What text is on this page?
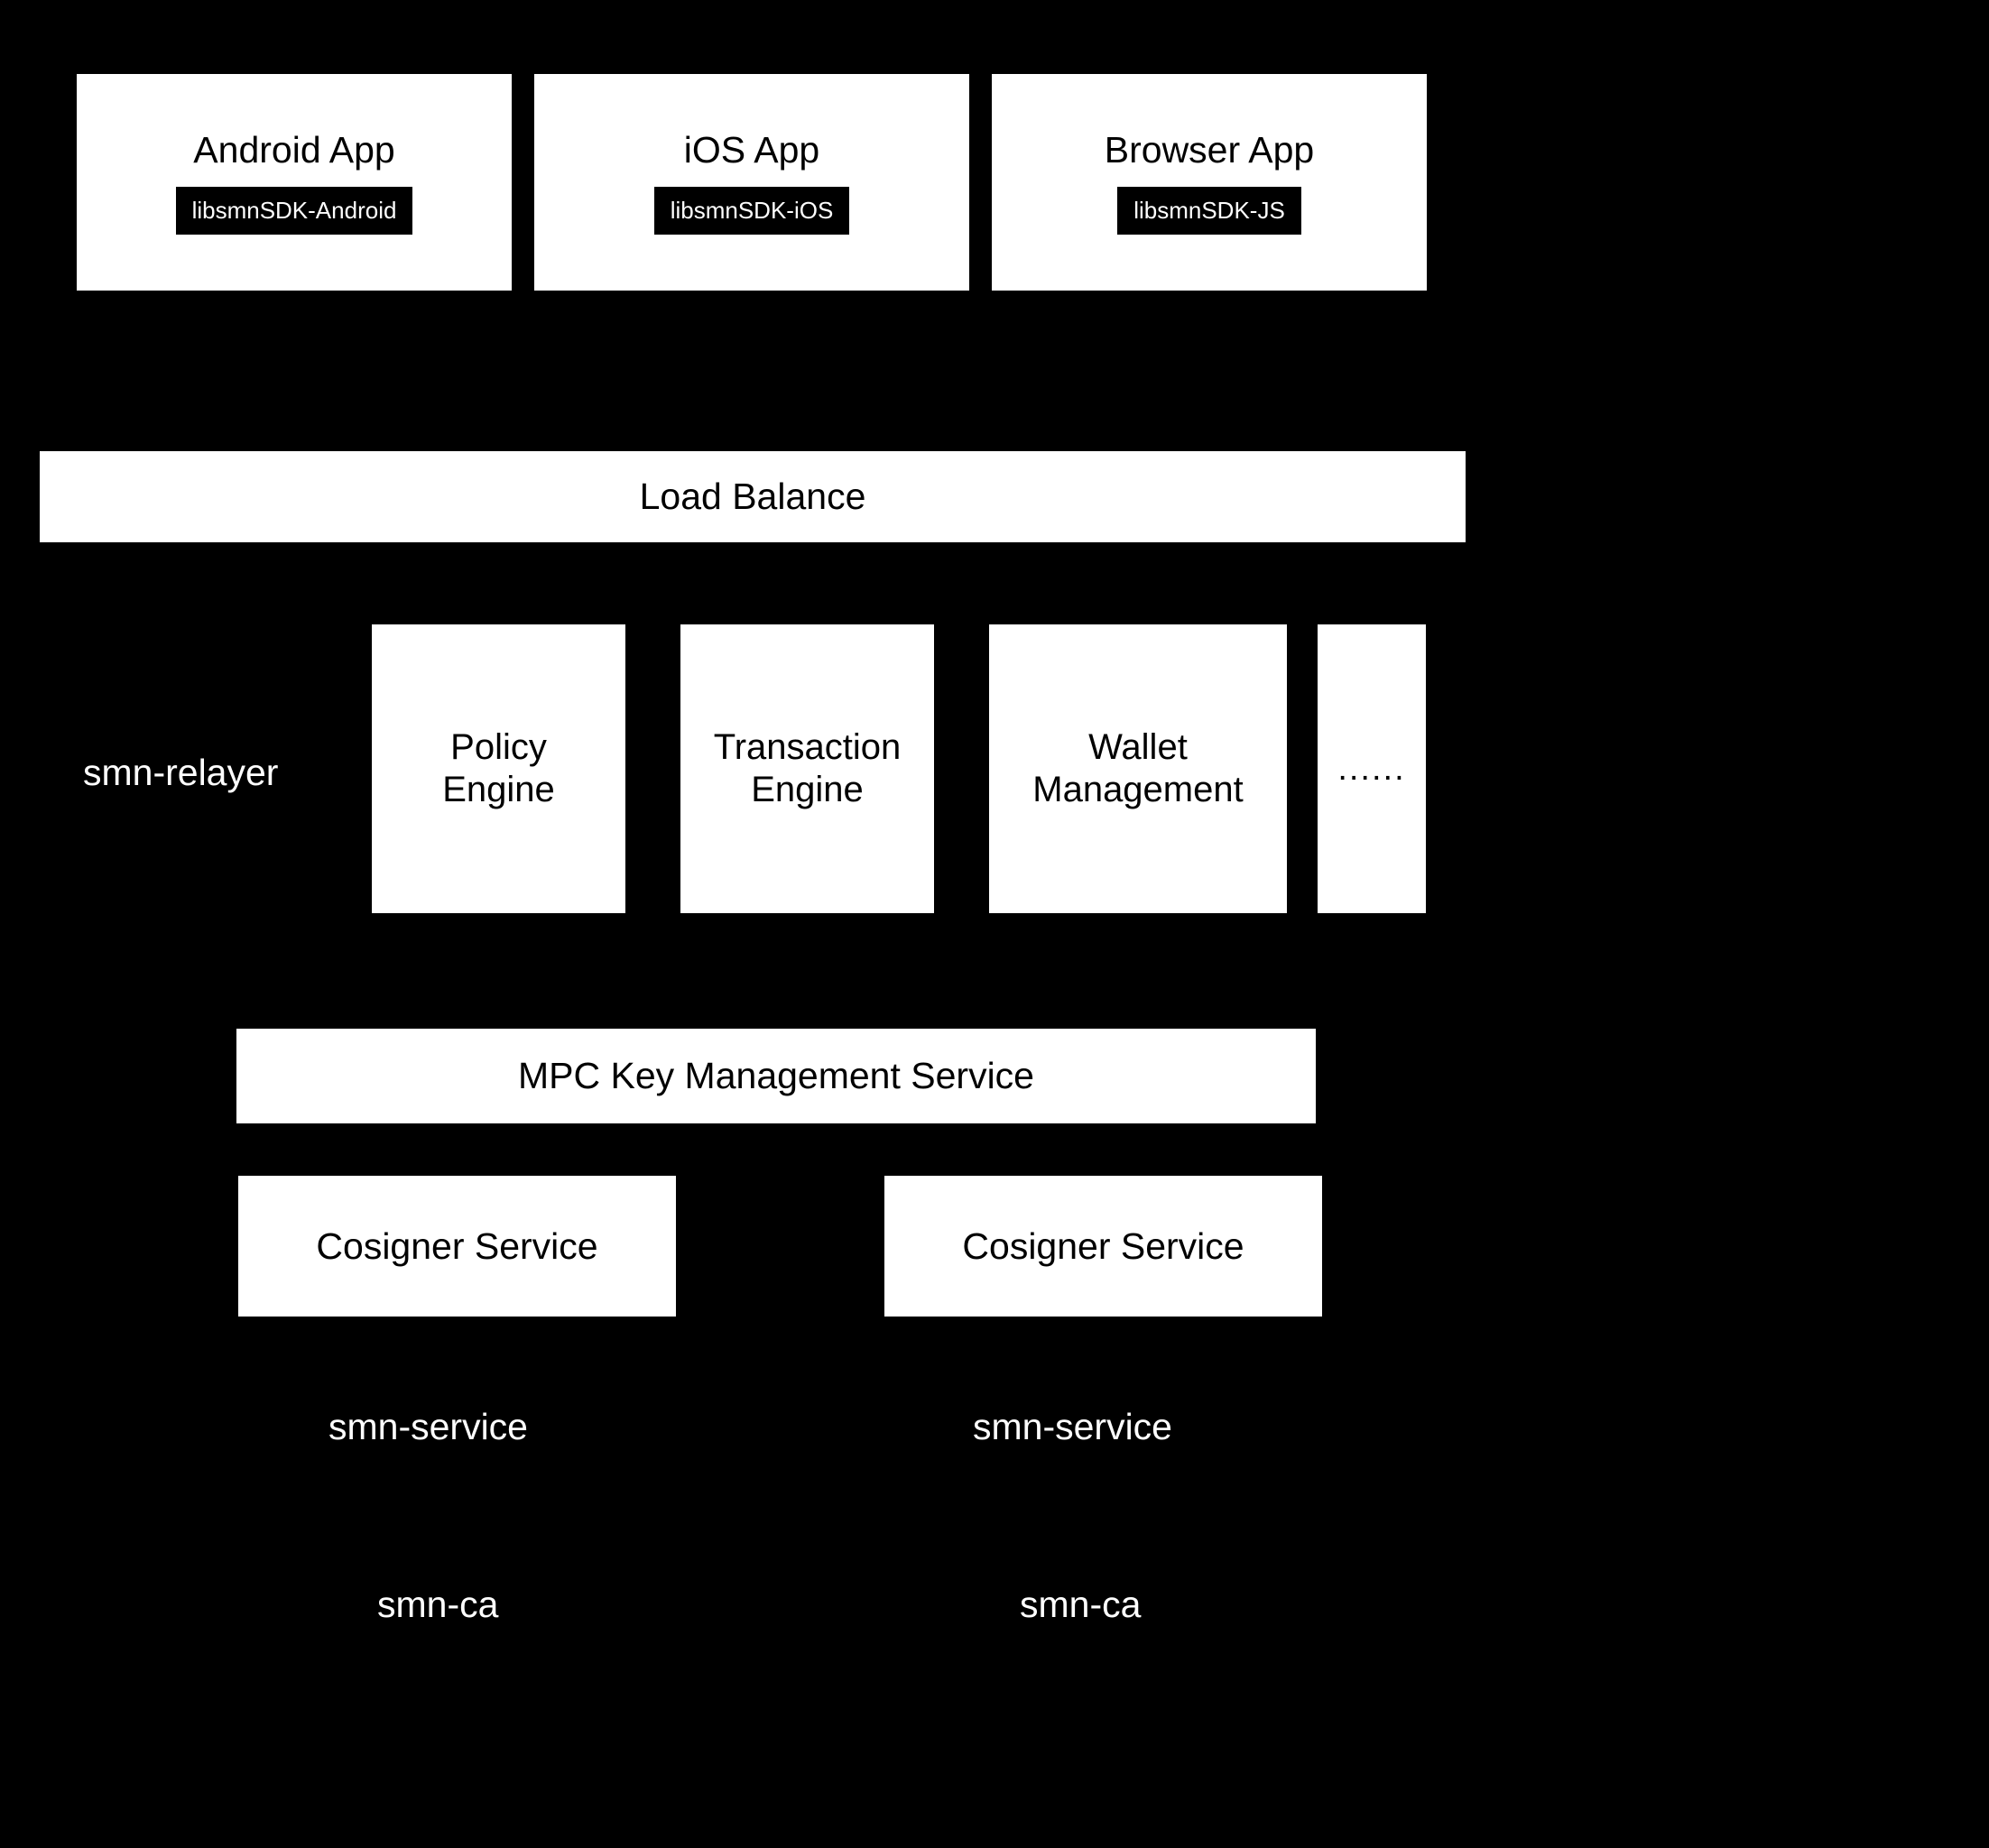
Android App
libsmnSDK-Android
iOS App
libsmnSDK-iOS
Browser App
libsmnSDK-JS
Load Balance
smn-relayer
Policy
Engine
Transaction
Engine
Wallet
Management
......
MPC Key Management Service
Cosigner Service	Cosigner Service
smn-service	smn-service
smn-ca	smn-ca
